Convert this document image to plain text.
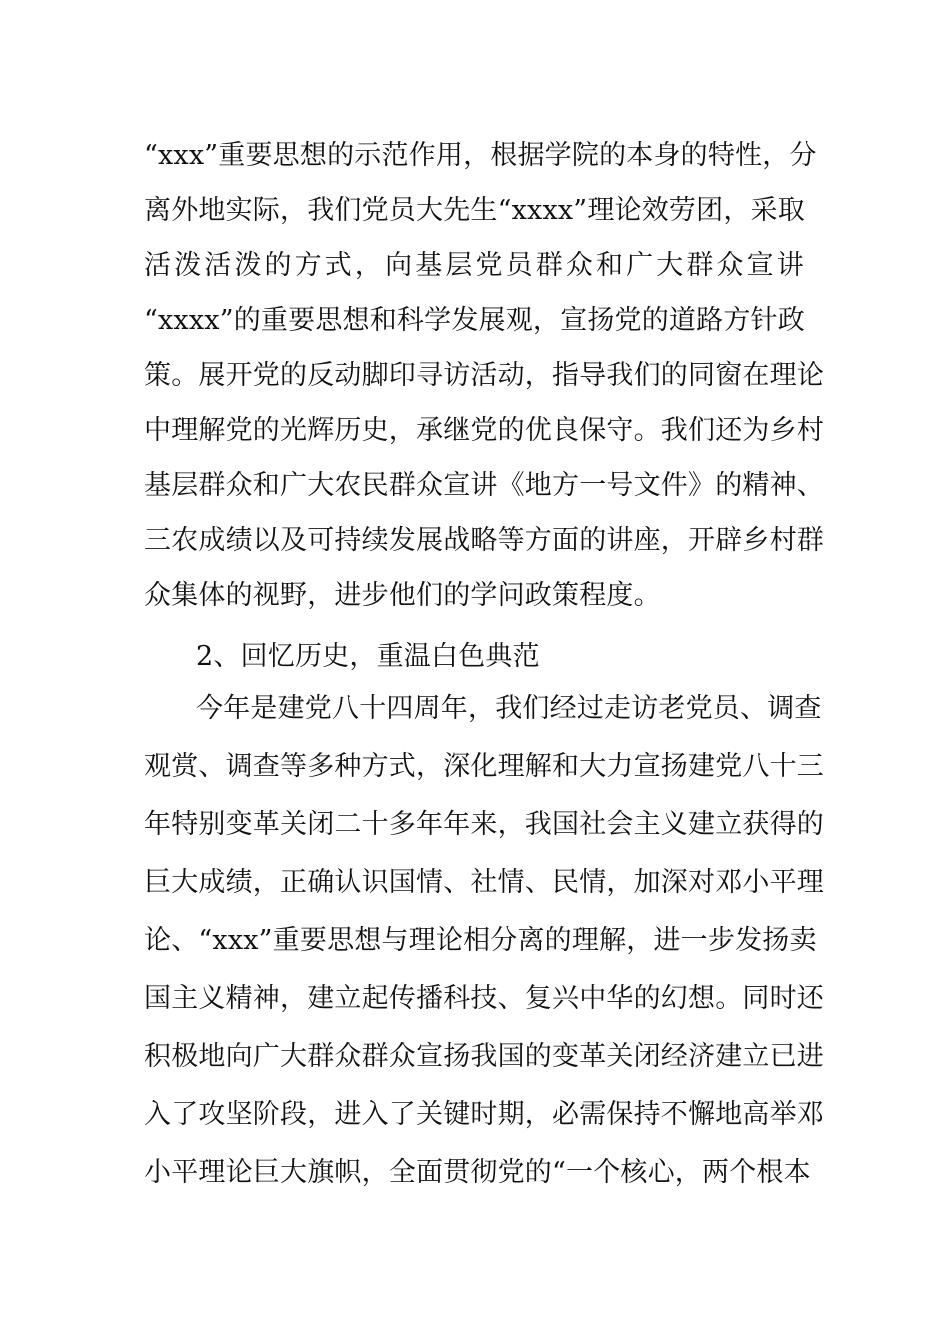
“xxx”重要思想的示范作用，根据学院的本身的特性，分
离外地实际，我们党员大先生“xxxx”理论效劳团，采取
活泼活泼的方式，向基层党员群众和广大群众宣讲
“xxxx”的重要思想和科学发展观，宣扬党的道路方针政
策。展开党的反动脚印寻访活动，指导我们的同窗在理论
中理解党的光辉历史，承继党的优良保守。我们还为乡村
基层群众和广大农民群众宣讲《地方一号文件》的精神、
三农成绩以及可持续发展战略等方面的讲座，开辟乡村群
众集体的视野，进步他们的学问政策程度。
2、回忆历史，重温白色典范
今年是建党八十四周年，我们经过走访老党员、调查
观赏、调查等多种方式，深化理解和大力宣扬建党八十三
年特别变革关闭二十多年年来，我国社会主义建立获得的
巨大成绩，正确认识国情、社情、民情，加深对邓小平理
论、“xxx”重要思想与理论相分离的理解，进一步发扬卖
国主义精神，建立起传播科技、复兴中华的幻想。同时还
积极地向广大群众群众宣扬我国的变革关闭经济建立已进
入了攻坚阶段，进入了关键时期，必需保持不懈地高举邓
小平理论巨大旗帜，全面贯彻党的“一个核心，两个根本
